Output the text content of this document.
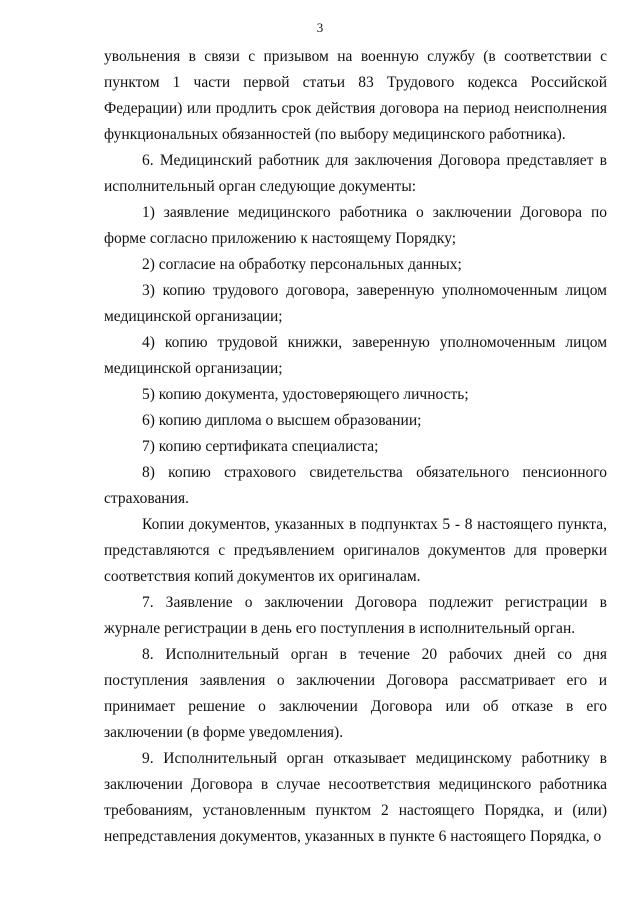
3

увольнения в связи с призывом на военную службу (в соответствии с пунктом 1 части первой статьи 83 Трудового кодекса Российской Федерации) или продлить срок действия договора на период неисполнения функциональных обязанностей (по выбору медицинского работника).

6. Медицинский работник для заключения Договора представляет в исполнительный орган следующие документы:

1) заявление медицинского работника о заключении Договора по форме согласно приложению к настоящему Порядку;

2) согласие на обработку персональных данных;

3) копию трудового договора, заверенную уполномоченным лицом медицинской организации;

4) копию трудовой книжки, заверенную уполномоченным лицом медицинской организации;

5) копию документа, удостоверяющего личность;

6) копию диплома о высшем образовании;

7) копию сертификата специалиста;

8) копию страхового свидетельства обязательного пенсионного страхования.

Копии документов, указанных в подпунктах 5 - 8 настоящего пункта, представляются с предъявлением оригиналов документов для проверки соответствия копий документов их оригиналам.

7. Заявление о заключении Договора подлежит регистрации в журнале регистрации в день его поступления в исполнительный орган.

8. Исполнительный орган в течение 20 рабочих дней со дня поступления заявления о заключении Договора рассматривает его и принимает решение о заключении Договора или об отказе в его заключении (в форме уведомления).

9. Исполнительный орган отказывает медицинскому работнику в заключении Договора в случае несоответствия медицинского работника требованиям, установленным пунктом 2 настоящего Порядка, и (или) непредставления документов, указанных в пункте 6 настоящего Порядка, о
